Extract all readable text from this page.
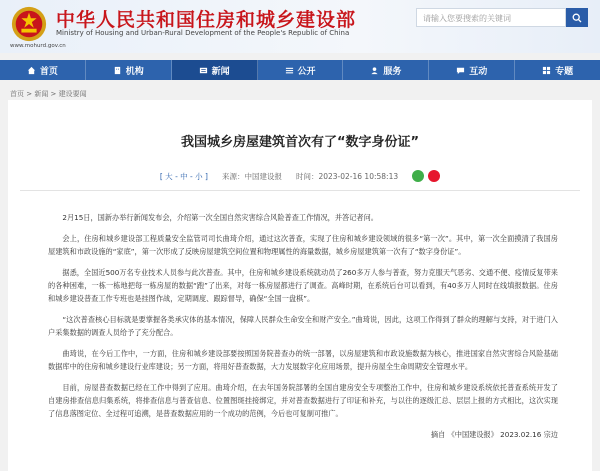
中华人民共和国住房和城乡建设部
Ministry of Housing and Urban-Rural Development of the People's Republic of China
www.mohurd.gov.cn
请输入您要搜索的关键词
首页	机构	新闻	公开	服务	互动	专题
首页 > 新闻 > 建设要闻
我国城乡房屋建筑首次有了“数字身份证”
[ 大 - 中 - 小 ] 来源：中国建设报 时间：2023-02-16 10:58:13

2月15日，国新办举行新闻发布会，介绍第一次全国自然灾害综合风险普查工作情况，并答记者问。

会上，住房和城乡建设部工程质量安全监管司司长曲琦介绍，通过这次普查，实现了住房和城乡建设领域的很多“第一次”。其中，第一次全面摸清了我国房屋建筑和市政设施的“家底”，第一次形成了反映房屋建筑空间位置和物理属性的海量数据，城乡房屋建筑第一次有了“数字身份证”。

据悉，全国近500万名专业技术人员参与此次普查。其中，住房和城乡建设系统就动员了260多万人参与普查，努力克服天气恶劣、交通不便、疫情反复带来的各种困难，一栋一栋地把每一栋房屋的数据“跑”了出来，对每一栋房屋都进行了调查。高峰时期，在系统后台可以看到，有40多万人同时在线填报数据。住房和城乡建设普查工作专班也是挂图作战，定期调度、跟踪督导，确保“全国一盘棋”。

“这次普查核心目标就是要掌握各类承灾体的基本情况，保障人民群众生命安全和财产安全。”曲琦说，因此，这项工作得到了群众的理解与支持，对于进门入户采集数据的调查人员给予了充分配合。

曲琦说，在今后工作中，一方面，住房和城乡建设部要按照国务院普查办的统一部署，以房屋建筑和市政设施数据为核心，推进国家自然灾害综合风险基础数据库中的住房和城乡建设行业库建设；另一方面，将用好普查数据，大力发展数字化应用场景，提升房屋全生命周期安全管理水平。

目前，房屋普查数据已经在工作中得到了应用。曲琦介绍，在去年国务院部署的全国自建房安全专项整治工作中，住房和城乡建设系统依托普查系统开发了自建房排查信息归集系统，将排查信息与普查信息、位置图斑挂接绑定，并对普查数据进行了印证和补充，与以往的逐级汇总、层层上报的方式相比，这次实现了信息落图定位、全过程可追溯，是普查数据应用的一个成功的范例，今后也可复制可推广。

摘自 《中国建设报》 2023.02.16 宗边
